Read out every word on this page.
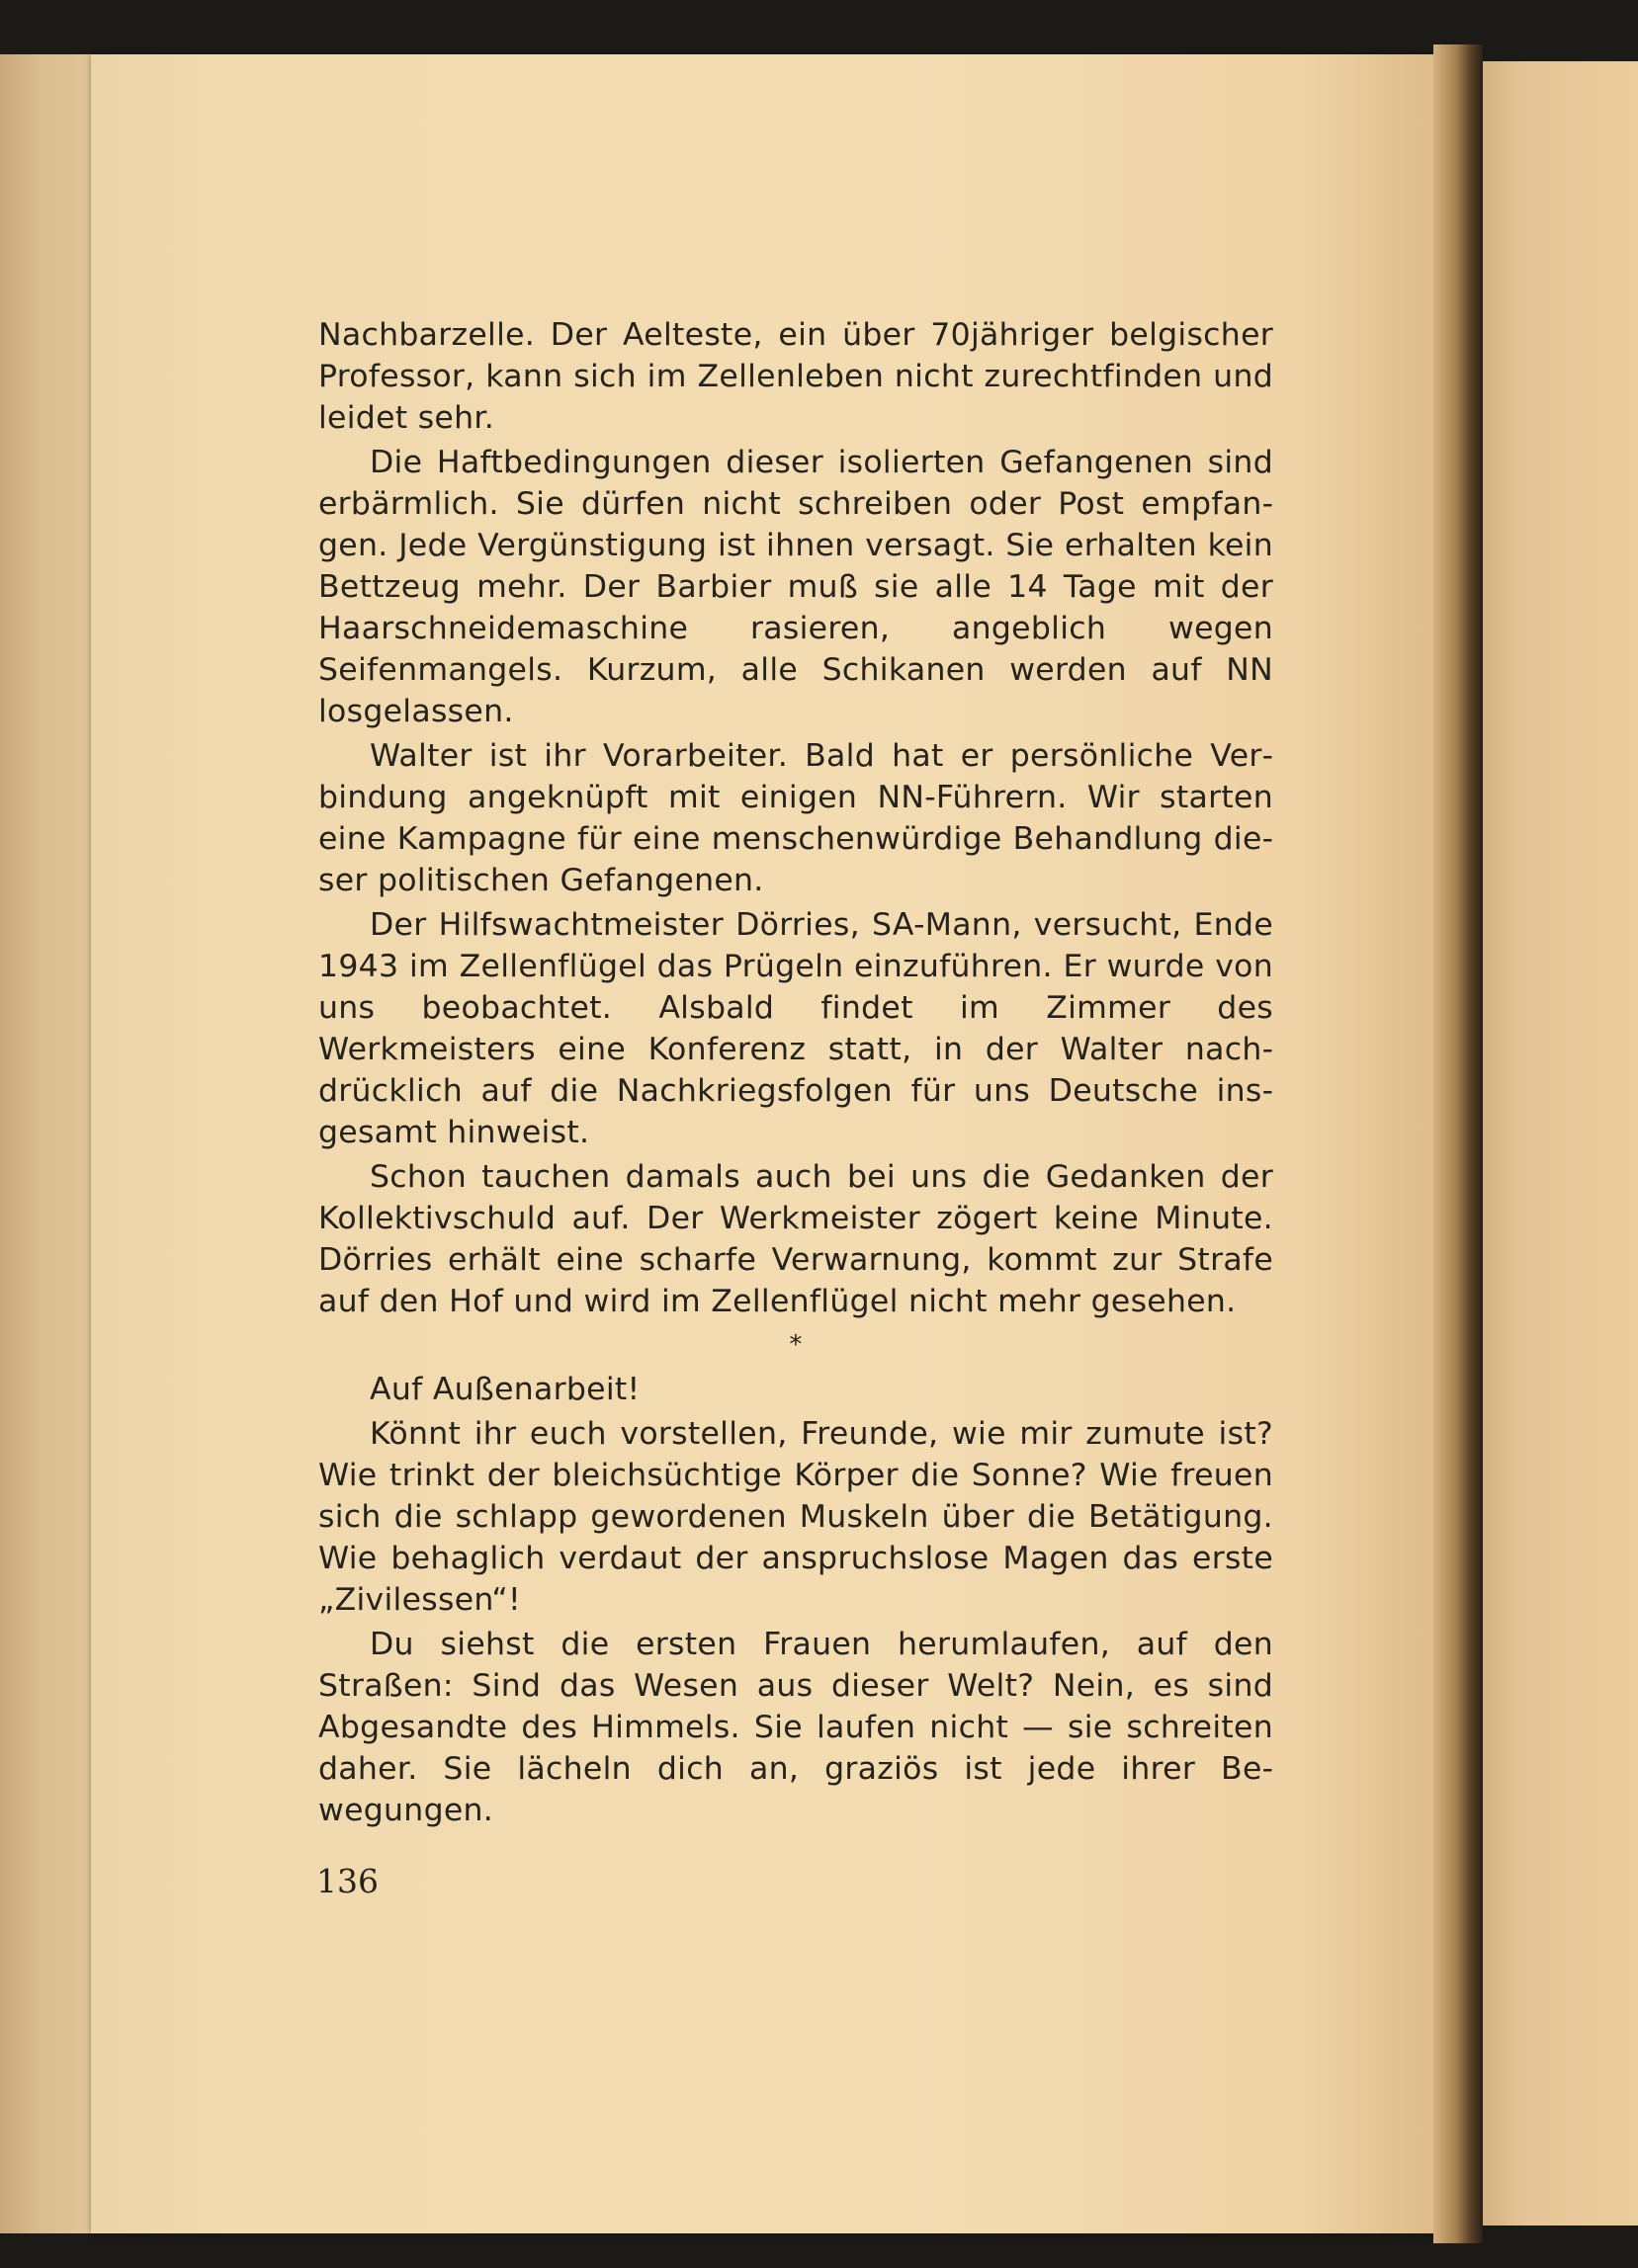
Nachbarzelle. Der Aelteste, ein über 70jähriger belgischer Professor, kann sich im Zellenleben nicht zurechtfinden und leidet sehr.

Die Haftbedingungen dieser isolierten Gefangenen sind erbärmlich. Sie dürfen nicht schreiben oder Post empfangen. Jede Vergünstigung ist ihnen versagt. Sie erhalten kein Bettzeug mehr. Der Barbier muß sie alle 14 Tage mit der Haarschneidemaschine rasieren, angeblich wegen Seifenmangels. Kurzum, alle Schikanen werden auf NN losgelassen.

Walter ist ihr Vorarbeiter. Bald hat er persönliche Verbindung angeknüpft mit einigen NN-Führern. Wir starten eine Kampagne für eine menschenwürdige Behandlung dieser politischen Gefangenen.

Der Hilfswachtmeister Dörries, SA-Mann, versucht, Ende 1943 im Zellenflügel das Prügeln einzuführen. Er wurde von uns beobachtet. Alsbald findet im Zimmer des Werkmeisters eine Konferenz statt, in der Walter nachdrücklich auf die Nachkriegsfolgen für uns Deutsche insgesamt hinweist.

Schon tauchen damals auch bei uns die Gedanken der Kollektivschuld auf. Der Werkmeister zögert keine Minute. Dörries erhält eine scharfe Verwarnung, kommt zur Strafe auf den Hof und wird im Zellenflügel nicht mehr gesehen.

*

Auf Außenarbeit!

Könnt ihr euch vorstellen, Freunde, wie mir zumute ist? Wie trinkt der bleichsüchtige Körper die Sonne? Wie freuen sich die schlapp gewordenen Muskeln über die Betätigung. Wie behaglich verdaut der anspruchslose Magen das erste „Zivilessen“!

Du siehst die ersten Frauen herumlaufen, auf den Straßen: Sind das Wesen aus dieser Welt? Nein, es sind Abgesandte des Himmels. Sie laufen nicht — sie schreiten daher. Sie lächeln dich an, graziös ist jede ihrer Bewegungen.

136
